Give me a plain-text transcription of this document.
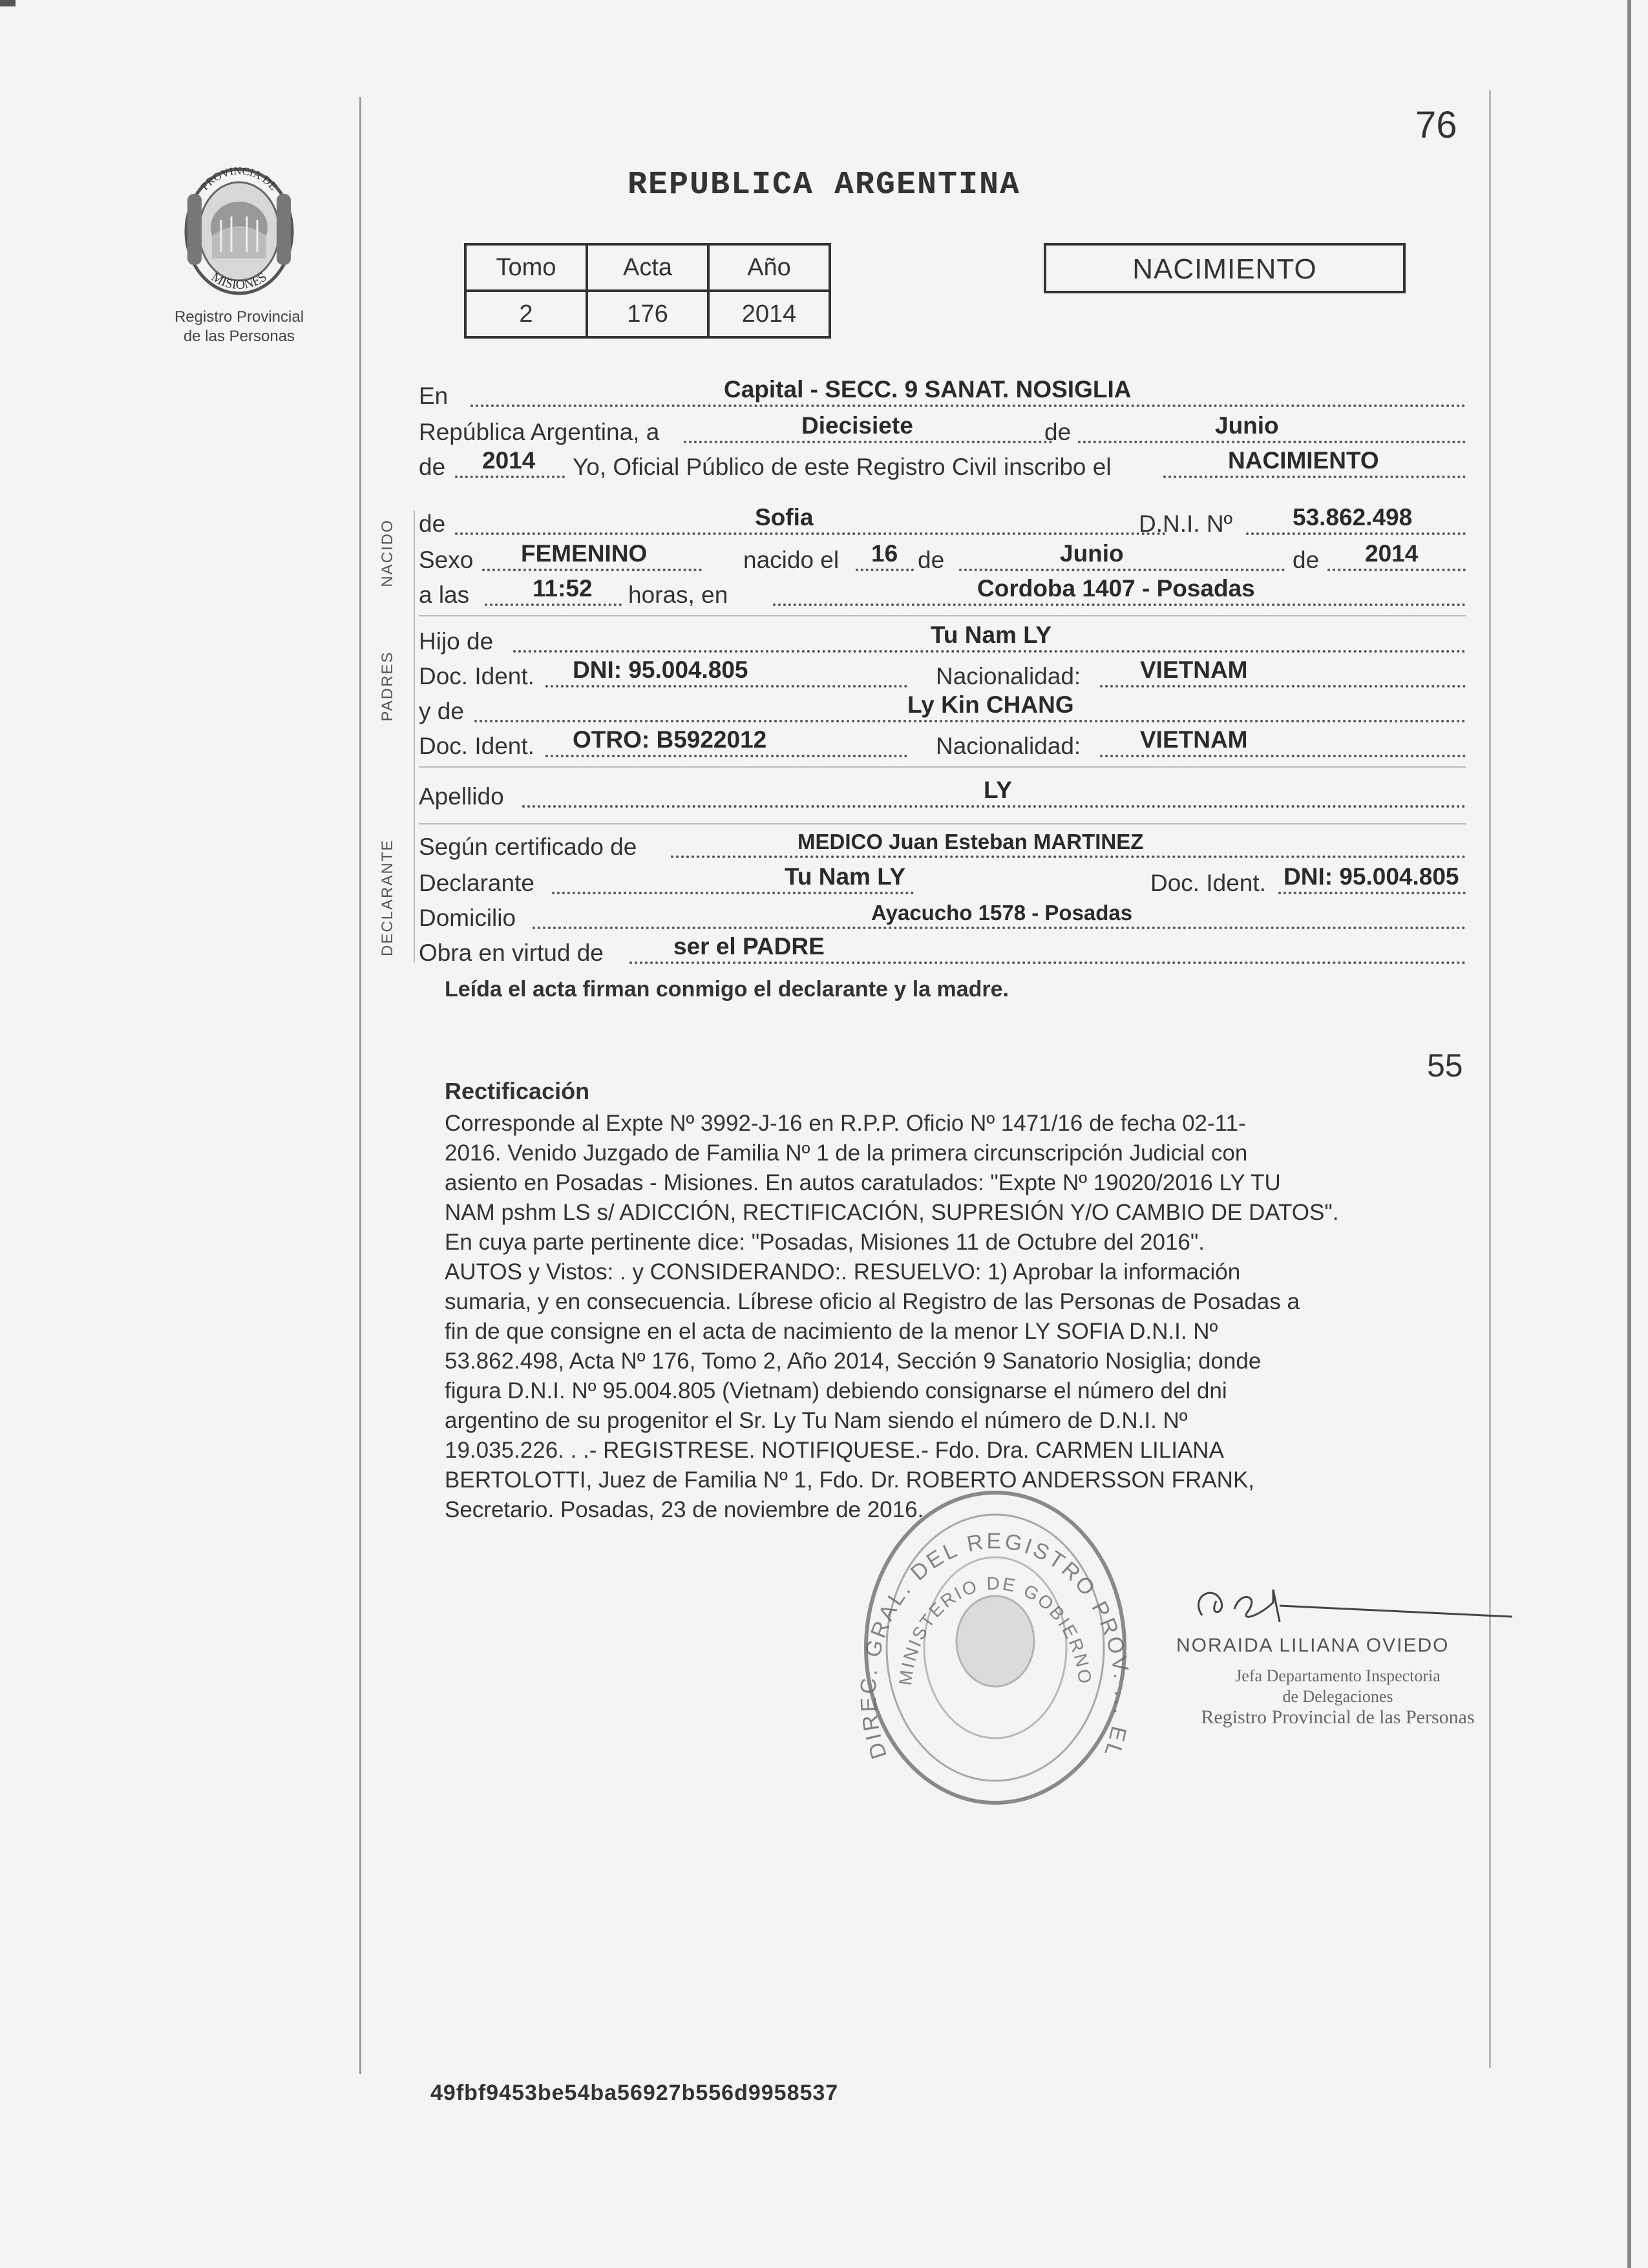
76
REPUBLICA ARGENTINA
PROVINCIA DE
MISIONES
Registro Provincial
de las Personas
Tomo	Acta	Año
2	176	2014
NACIMIENTO
NACIDO
PADRES
DECLARANTE
En	Capital - SECC. 9 SANAT. NOSIGLIA
República Argentina, a	Diecisiete	de	Junio
de 2014 Yo, Oficial Público de este Registro Civil inscribo el	NACIMIENTO
de	Sofia	D.N.I. Nº	53.862.498
Sexo FEMENINO	nacido el 16 de	Junio	de 2014
a las	11:52 horas, en	Cordoba 1407 - Posadas
Hijo de	Tu Nam LY
Doc. Ident. DNI: 95.004.805	Nacionalidad: VIETNAM
y de	Ly Kin CHANG
Doc. Ident. OTRO: B5922012	Nacionalidad: VIETNAM
Apellido	LY
Según certificado de	MEDICO Juan Esteban MARTINEZ
Declarante	Tu Nam LY	Doc. Ident. DNI: 95.004.805
Domicilio	Ayacucho 1578 - Posadas
Obra en virtud de	ser el PADRE
Leída el acta firman conmigo el declarante y la madre.
55
Rectificación
Corresponde al Expte Nº 3992-J-16 en R.P.P. Oficio Nº 1471/16 de fecha 02-11-
2016. Venido Juzgado de Familia Nº 1 de la primera circunscripción Judicial con
asiento en Posadas - Misiones. En autos caratulados: "Expte Nº 19020/2016 LY TU
NAM pshm LS s/ ADICCIÓN, RECTIFICACIÓN, SUPRESIÓN Y/O CAMBIO DE DATOS".
En cuya parte pertinente dice: "Posadas, Misiones 11 de Octubre del 2016".
AUTOS y Vistos: . y CONSIDERANDO:. RESUELVO: 1) Aprobar la información
sumaria, y en consecuencia. Líbrese oficio al Registro de las Personas de Posadas a
fin de que consigne en el acta de nacimiento de la menor LY SOFIA D.N.I. Nº
53.862.498, Acta Nº 176, Tomo 2, Año 2014, Sección 9 Sanatorio Nosiglia; donde
figura D.N.I. Nº 95.004.805 (Vietnam) debiendo consignarse el número del dni
argentino de su progenitor el Sr. Ly Tu Nam siendo el número de D.N.I. Nº
19.035.226. . .- REGISTRESE. NOTIFIQUESE.- Fdo. Dra. CARMEN LILIANA
BERTOLOTTI, Juez de Familia Nº 1, Fdo. Dr. ROBERTO ANDERSSON FRANK,
Secretario. Posadas, 23 de noviembre de 2016.
DIREC. GRAL. DEL REGISTRO PROV. ... EL
MINISTERIO DE GOBIERNO
NORAIDA LILIANA OVIEDO
Jefa Departamento Inspectoria
de Delegaciones
Registro Provincial de las Personas
49fbf9453be54ba56927b556d9958537
